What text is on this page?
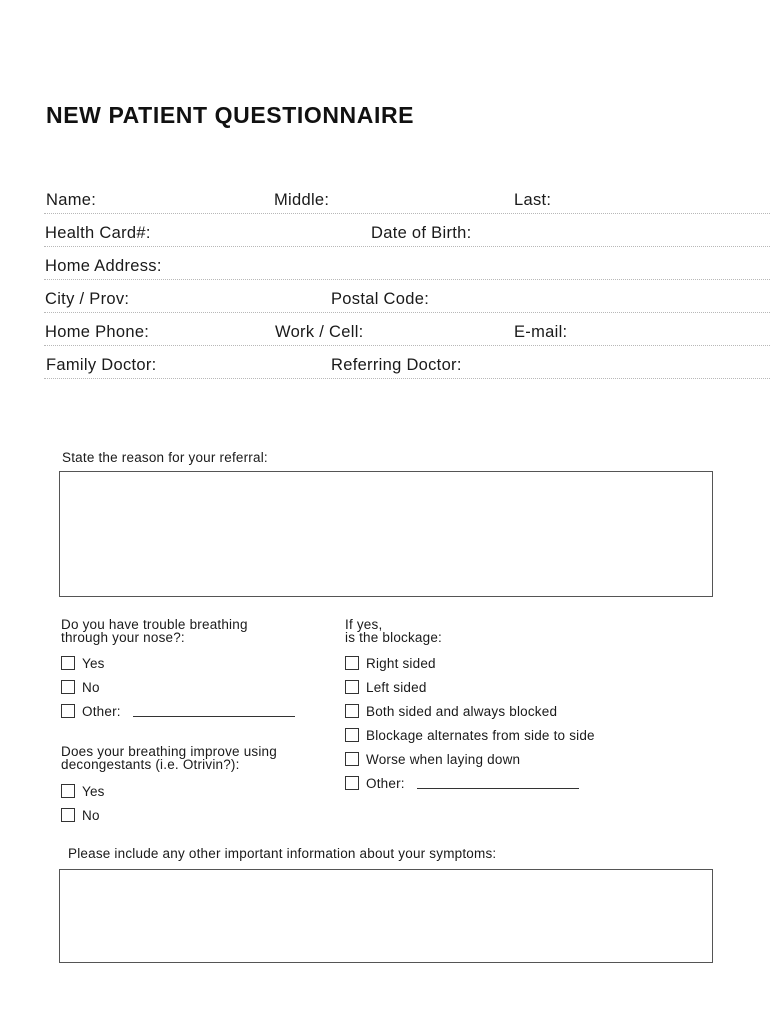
NEW PATIENT QUESTIONNAIRE
Name:	Middle:	Last:
Health Card#:	Date of Birth:
Home Address:
City / Prov:	Postal Code:
Home Phone:	Work / Cell:	E-mail:
Family Doctor:	Referring Doctor:
State the reason for your referral:
Do you have trouble breathing
through your nose?:
Yes
No
Other:
Does your breathing improve using
decongestants (i.e. Otrivin?):
Yes
No
If yes,
is the blockage:
Right sided
Left sided
Both sided and always blocked
Blockage alternates from side to side
Worse when laying down
Other:
Please include any other important information about your symptoms:
